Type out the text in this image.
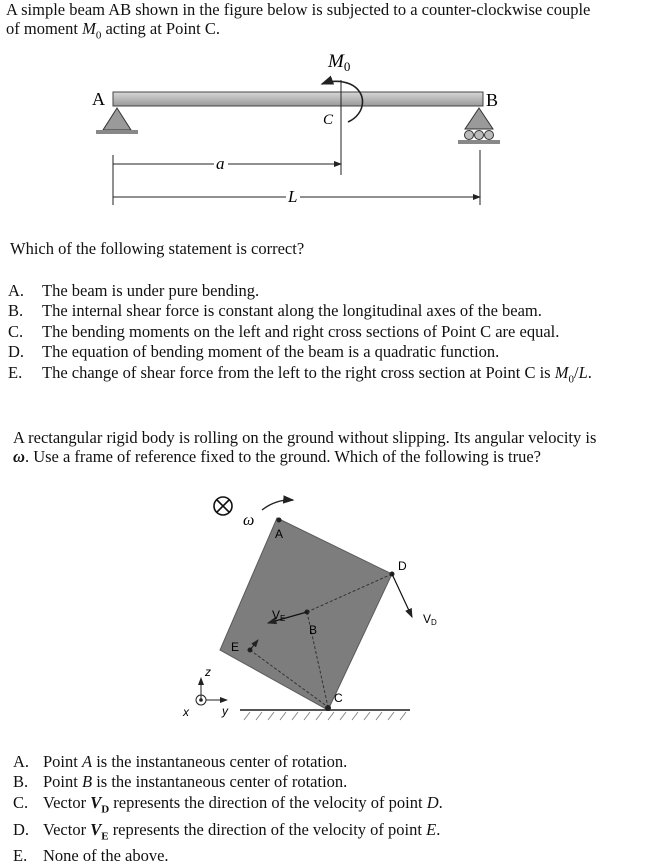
A simple beam AB shown in the figure below is subjected to a counter-clockwise couple
of moment $M_0$ acting at Point C.
A	B
C
$M_0$
a
L
Which of the following statement is correct?
A. The beam is under pure bending.
B. The internal shear force is constant along the longitudinal axes of the beam.
C. The bending moments on the left and right cross sections of Point C are equal.
D. The equation of bending moment of the beam is a quadratic function.
E. The change of shear force from the left to the right cross section at Point C is $M_0/L$.
A rectangular rigid body is rolling on the ground without slipping. Its angular velocity is
ω. Use a frame of reference fixed to the ground. Which of the following is true?
ω
A
B
C
D
E
VD
VE
z
x	y
A. Point A is the instantaneous center of rotation.
B. Point B is the instantaneous center of rotation.
C. Vector $V_D$ represents the direction of the velocity of point D.
D. Vector $V_E$ represents the direction of the velocity of point E.
E. None of the above.
